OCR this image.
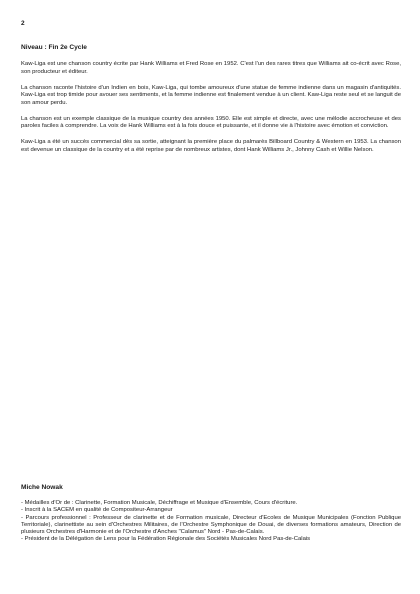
2
Niveau : Fin 2e Cycle

Kaw-Liga est une chanson country écrite par Hank Williams et Fred Rose en 1952. C'est l'un des rares titres que Williams ait co-écrit avec Rose, son producteur et éditeur.

La chanson raconte l'histoire d'un Indien en bois, Kaw-Liga, qui tombe amoureux d'une statue de femme indienne dans un magasin d'antiquités. Kaw-Liga est trop timide pour avouer ses sentiments, et la femme indienne est finalement vendue à un client. Kaw-Liga reste seul et se languit de son amour perdu.

La chanson est un exemple classique de la musique country des années 1950. Elle est simple et directe, avec une mélodie accrocheuse et des paroles faciles à comprendre. La voix de Hank Williams est à la fois douce et puissante, et il donne vie à l'histoire avec émotion et conviction.

Kaw-Liga a été un succès commercial dès sa sortie, atteignant la première place du palmarès Billboard Country & Western en 1953. La chanson est devenue un classique de la country et a été reprise par de nombreux artistes, dont Hank Williams Jr., Johnny Cash et Willie Nelson.

Miche Nowak
- Médailles d'Or de : Clarinette, Formation Musicale, Déchiffrage et Musique d'Ensemble, Cours d'écriture.
- Inscrit à la SACEM en qualité de Compositeur-Arrangeur
- Parcours professionnel : Professeur de clarinette et de Formation musicale, Directeur d'Ecoles de Musique Municipales (Fonction Publique Territoriale), clarinettiste au sein d'Orchestres Militaires, de l'Orchestre Symphonique de Douai, de diverses formations amateurs, Direction de plusieurs Orchestres d'Harmonie et de l'Orchestre d'Anches "Calamus" Nord - Pas-de-Calais.
- Président de la Délégation de Lens pour la Fédération Régionale des Sociétés Musicales Nord Pas-de-Calais
